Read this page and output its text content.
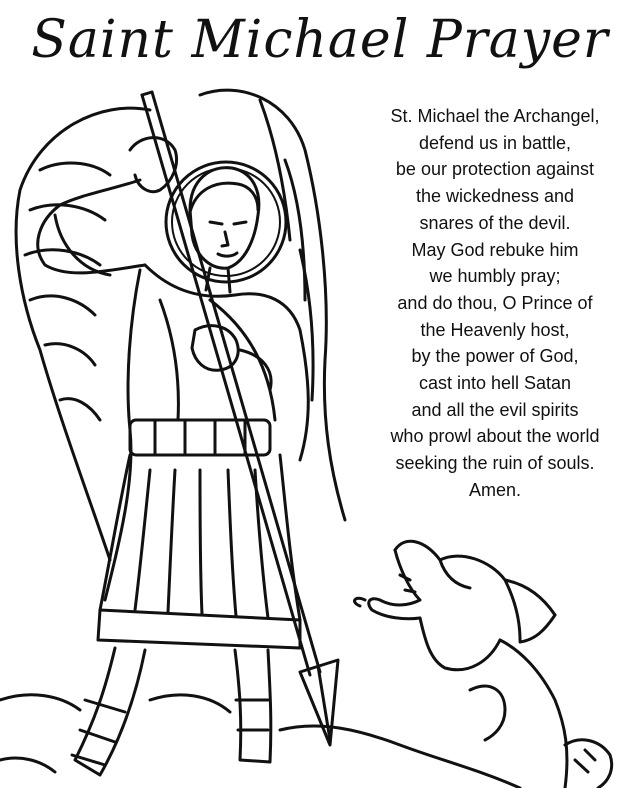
Saint Michael Prayer
St. Michael the Archangel,
defend us in battle,
be our protection against
the wickedness and
snares of the devil.
May God rebuke him
we humbly pray;
and do thou, O Prince of
the Heavenly host,
by the power of God,
cast into hell Satan
and all the evil spirits
who prowl about the world
seeking the ruin of souls.
Amen.
